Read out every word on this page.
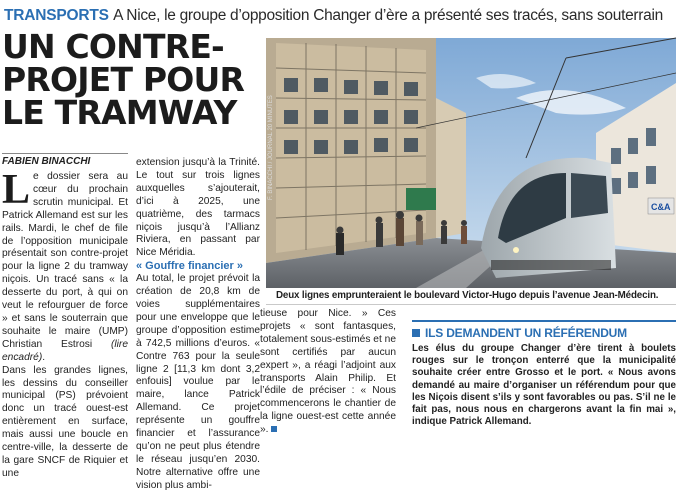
TRANSPORTS A Nice, le groupe d’opposition Changer d’ère a présenté ses tracés, sans souterrain
UN CONTRE-
PROJET POUR
LE TRAMWAY
FABIEN BINACCHI

Le dossier sera au cœur du prochain scrutin municipal. Et Patrick Allemand est sur les rails. Mardi, le chef de file de l’opposition municipale présentait son contre-projet pour la ligne 2 du tramway niçois. Un tracé sans « la desserte du port, à qui on veut le refourguer de force » et sans le souterrain que souhaite le maire (UMP) Christian Estrosi (lire encadré).

Dans les grandes lignes, les dessins du conseiller municipal (PS) prévoient donc un tracé ouest-est entièrement en surface, mais aussi une boucle en centre-ville, la desserte de la gare SNCF de Riquier et une

extension jusqu’à la Trinité. Le tout sur trois lignes auxquelles s’ajouterait, d’ici à 2025, une quatrième, des tarmacs niçois jusqu’à l’Allianz Riviera, en passant par Nice Méridia.

« Gouffre financier »

Au total, le projet prévoit la création de 20,8 km de voies supplémentaires pour une enveloppe que le groupe d’opposition estime à 742,5 millions d’euros. « Contre 763 pour la seule ligne 2 [11,3 km dont 3,2 enfouis] voulue par le maire, lance Patrick Allemand. Ce projet représente un gouffre financier et l’assurance qu’on ne peut plus étendre le réseau jusqu’en 2030. Notre alternative offre une vision plus ambi-

C&A
F. BINACCHI / JOURNAL 20 MINUTES
Deux lignes emprunteraient le boulevard Victor-Hugo depuis l’avenue Jean-Médecin.

tieuse pour Nice. » Ces projets « sont fantasques, totalement sous-estimés et ne sont certifiés par aucun expert », a réagi l’adjoint aux transports Alain Philip. Et l’édile de préciser : « Nous commencerons le chantier de la ligne ouest-est cette année ».

ILS DEMANDENT UN RÉFÉRENDUM

Les élus du groupe Changer d’ère tirent à boulets rouges sur le tronçon enterré que la municipalité souhaite créer entre Grosso et le port. « Nous avons demandé au maire d’organiser un référendum pour que les Niçois disent s’ils y sont favorables ou pas. S’il ne le fait pas, nous nous en chargerons avant la fin mai », indique Patrick Allemand.
